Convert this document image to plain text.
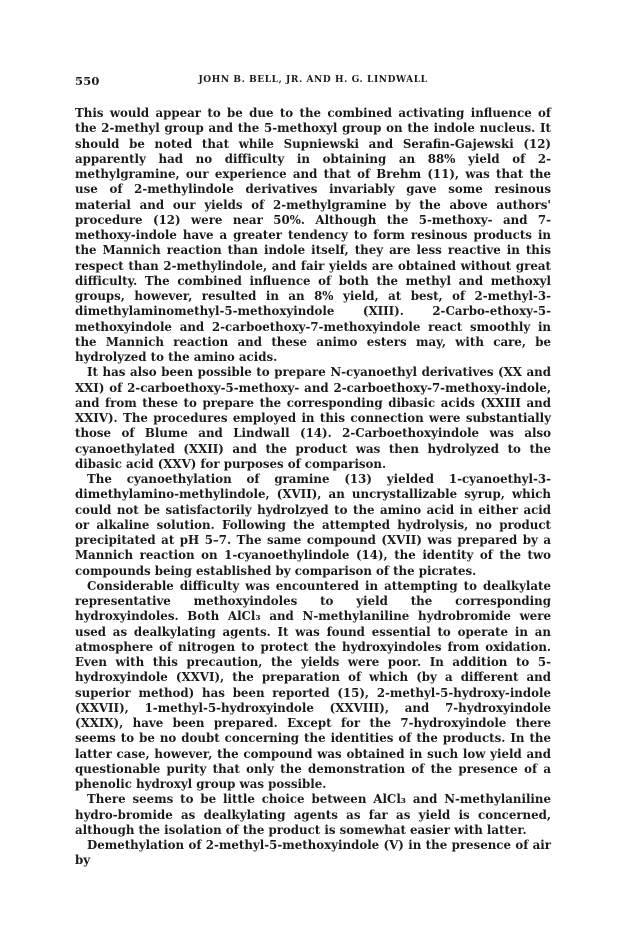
550	JOHN B. BELL, JR. AND H. G. LINDWALL

This would appear to be due to the combined activating influence of the 2-methyl group and the 5-methoxyl group on the indole nucleus. It should be noted that while Supniewski and Serafin-Gajewski (12) apparently had no difficulty in obtaining an 88% yield of 2-methylgramine, our experience and that of Brehm (11), was that the use of 2-methylindole derivatives invariably gave some resinous material and our yields of 2-methylgramine by the above authors' procedure (12) were near 50%. Although the 5-methoxy- and 7-methoxy-indole have a greater tendency to form resinous products in the Mannich reaction than indole itself, they are less reactive in this respect than 2-methylindole, and fair yields are obtained without great difficulty. The combined influence of both the methyl and methoxyl groups, however, resulted in an 8% yield, at best, of 2-methyl-3-dimethylaminomethyl-5-methoxyindole (XIII). 2-Carbo-ethoxy-5-methoxyindole and 2-carboethoxy-7-methoxyindole react smoothly in the Mannich reaction and these animo esters may, with care, be hydrolyzed to the amino acids.

It has also been possible to prepare N-cyanoethyl derivatives (XX and XXI) of 2-carboethoxy-5-methoxy- and 2-carboethoxy-7-methoxy-indole, and from these to prepare the corresponding dibasic acids (XXIII and XXIV). The procedures employed in this connection were substantially those of Blume and Lindwall (14). 2-Carboethoxyindole was also cyanoethylated (XXII) and the product was then hydrolyzed to the dibasic acid (XXV) for purposes of comparison.

The cyanoethylation of gramine (13) yielded 1-cyanoethyl-3-dimethylamino-methylindole, (XVII), an uncrystallizable syrup, which could not be satisfactorily hydrolzyed to the amino acid in either acid or alkaline solution. Following the attempted hydrolysis, no product precipitated at pH 5–7. The same compound (XVII) was prepared by a Mannich reaction on 1-cyanoethylindole (14), the identity of the two compounds being established by comparison of the picrates.

Considerable difficulty was encountered in attempting to dealkylate representative methoxyindoles to yield the corresponding hydroxyindoles. Both AlCl₃ and N-methylaniline hydrobromide were used as dealkylating agents. It was found essential to operate in an atmosphere of nitrogen to protect the hydroxyindoles from oxidation. Even with this precaution, the yields were poor. In addition to 5-hydroxyindole (XXVI), the preparation of which (by a different and superior method) has been reported (15), 2-methyl-5-hydroxy-indole (XXVII), 1-methyl-5-hydroxyindole (XXVIII), and 7-hydroxyindole (XXIX), have been prepared. Except for the 7-hydroxyindole there seems to be no doubt concerning the identities of the products. In the latter case, however, the compound was obtained in such low yield and questionable purity that only the demonstration of the presence of a phenolic hydroxyl group was possible.

There seems to be little choice between AlCl₃ and N-methylaniline hydro-bromide as dealkylating agents as far as yield is concerned, although the isolation of the product is somewhat easier with latter.

Demethylation of 2-methyl-5-methoxyindole (V) in the presence of air by
